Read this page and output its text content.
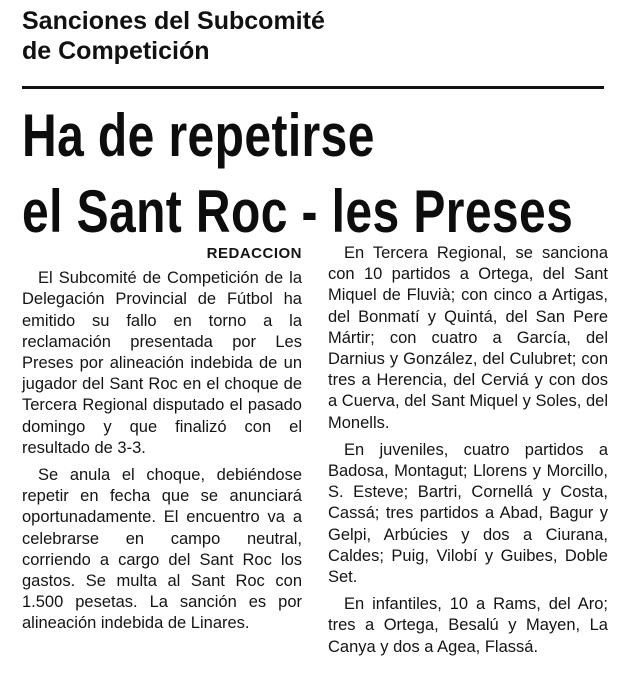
Sanciones del Subcomité
de Competición
Ha de repetirse
el Sant Roc - les Preses
REDACCION

El Subcomité de Competición de la Delegación Provincial de Fútbol ha emitido su fallo en torno a la reclamación presentada por Les Preses por alineación indebida de un jugador del Sant Roc en el choque de Tercera Regional disputado el pasado domingo y que finalizó con el resultado de 3-3.

Se anula el choque, debiéndose repetir en fecha que se anunciará oportunadamente. El encuentro va a celebrarse en campo neutral, corriendo a cargo del Sant Roc los gastos. Se multa al Sant Roc con 1.500 pesetas. La sanción es por alineación indebida de Linares.

En Tercera Regional, se sanciona con 10 partidos a Ortega, del Sant Miquel de Fluvià; con cinco a Artigas, del Bonmatí y Quintá, del San Pere Mártir; con cuatro a García, del Darnius y González, del Culubret; con tres a Herencia, del Cerviá y con dos a Cuerva, del Sant Miquel y Soles, del Monells.

En juveniles, cuatro partidos a Badosa, Montagut; Llorens y Morcillo, S. Esteve; Bartri, Cornellá y Costa, Cassá; tres partidos a Abad, Bagur y Gelpi, Arbúcies y dos a Ciurana, Caldes; Puig, Vilobí y Guibes, Doble Set.

En infantiles, 10 a Rams, del Aro; tres a Ortega, Besalú y Mayen, La Canya y dos a Agea, Flassá.
